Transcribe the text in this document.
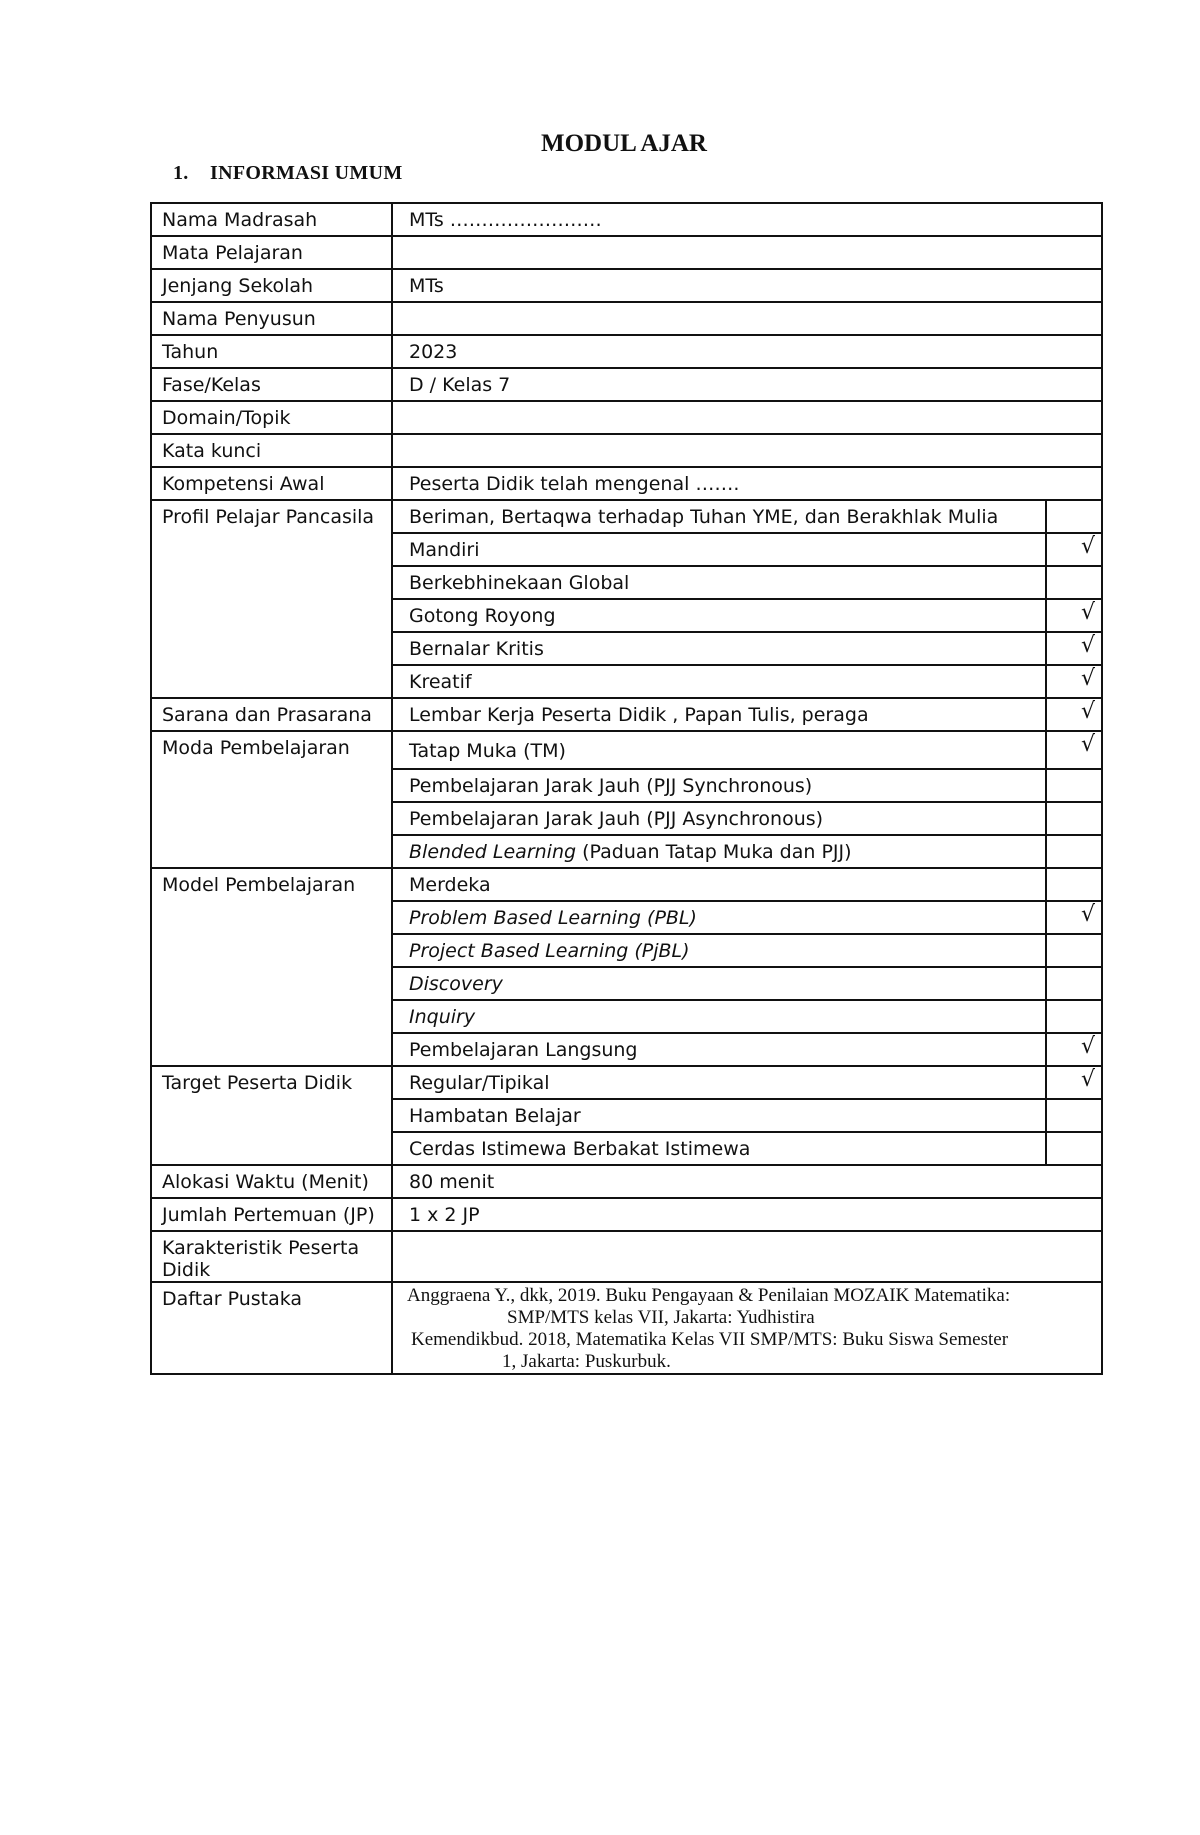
MODUL AJAR
1. INFORMASI UMUM
Nama Madrasah	MTs ……………………	
Mata Pelajaran		
Jenjang Sekolah	MTs	
Nama Penyusun		
Tahun	2023	
Fase/Kelas	D / Kelas 7	
Domain/Topik		
Kata kunci		
Kompetensi Awal	Peserta Didik telah mengenal …….	
Profil Pelajar Pancasila	Beriman, Bertaqwa terhadap Tuhan YME, dan Berakhlak Mulia	
	Mandiri	√
	Berkebhinekaan Global	
	Gotong Royong	√
	Bernalar Kritis	√
	Kreatif	√
Sarana dan Prasarana	Lembar Kerja Peserta Didik , Papan Tulis, peraga	√
Moda Pembelajaran	Tatap Muka (TM)	√
	Pembelajaran Jarak Jauh (PJJ Synchronous)	
	Pembelajaran Jarak Jauh (PJJ Asynchronous)	
	Blended Learning (Paduan Tatap Muka dan PJJ)	
Model Pembelajaran	Merdeka	
	Problem Based Learning (PBL)	√
	Project Based Learning (PjBL)	
	Discovery	
	Inquiry	
	Pembelajaran Langsung	√
Target Peserta Didik	Regular/Tipikal	√
	Hambatan Belajar	
	Cerdas Istimewa Berbakat Istimewa	
Alokasi Waktu (Menit)	80 menit	
Jumlah Pertemuan (JP)	1 x 2 JP	
Karakteristik Peserta Didik		
Daftar Pustaka	Anggraena Y., dkk, 2019. Buku Pengayaan & Penilaian MOZAIK Matematika:
SMP/MTS kelas VII, Jakarta: Yudhistira
Kemendikbud. 2018, Matematika Kelas VII SMP/MTS: Buku Siswa Semester
1, Jakarta: Puskurbuk.	
